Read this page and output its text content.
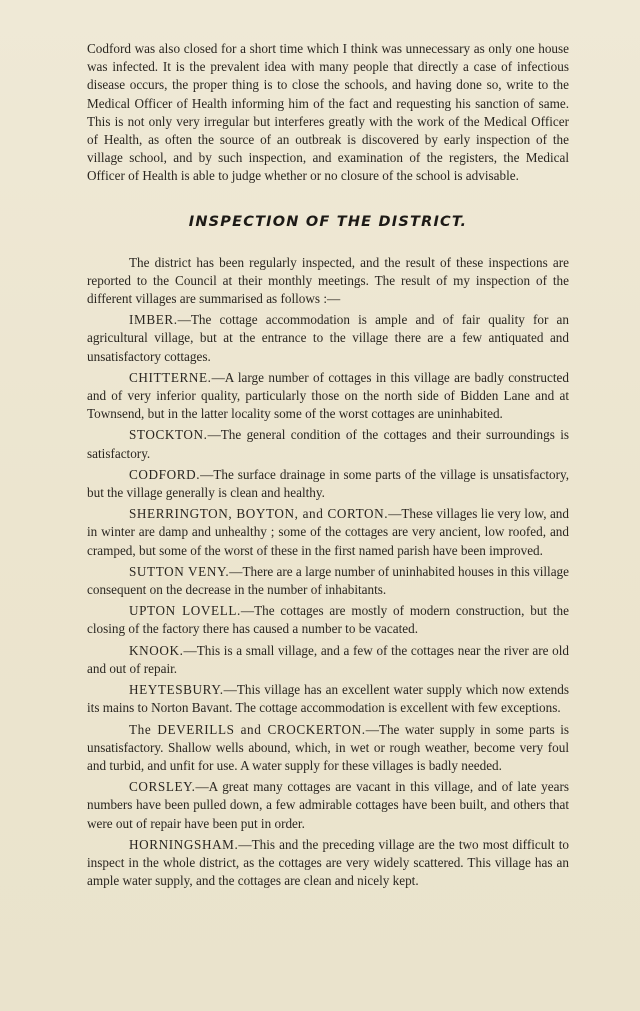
Codford was also closed for a short time which I think was unnecessary as only one house was infected. It is the prevalent idea with many people that directly a case of infectious disease occurs, the proper thing is to close the schools, and having done so, write to the Medical Officer of Health informing him of the fact and requesting his sanction of same. This is not only very irregular but interferes greatly with the work of the Medical Officer of Health, as often the source of an outbreak is discovered by early inspection of the village school, and by such inspection, and examination of the registers, the Medical Officer of Health is able to judge whether or no closure of the school is advisable.

INSPECTION OF THE DISTRICT.

The district has been regularly inspected, and the result of these inspections are reported to the Council at their monthly meetings. The result of my inspection of the different villages are summarised as follows :—

IMBER.—The cottage accommodation is ample and of fair quality for an agricultural village, but at the entrance to the village there are a few antiquated and unsatisfactory cottages.

CHITTERNE.—A large number of cottages in this village are badly constructed and of very inferior quality, particularly those on the north side of Bidden Lane and at Townsend, but in the latter locality some of the worst cottages are uninhabited.

STOCKTON.—The general condition of the cottages and their surroundings is satisfactory.

CODFORD.—The surface drainage in some parts of the village is unsatisfactory, but the village generally is clean and healthy.

SHERRINGTON, BOYTON, and CORTON.—These villages lie very low, and in winter are damp and unhealthy ; some of the cottages are very ancient, low roofed, and cramped, but some of the worst of these in the first named parish have been improved.

SUTTON VENY.—There are a large number of uninhabited houses in this village consequent on the decrease in the number of inhabitants.

UPTON LOVELL.—The cottages are mostly of modern construction, but the closing of the factory there has caused a number to be vacated.

KNOOK.—This is a small village, and a few of the cottages near the river are old and out of repair.

HEYTESBURY.—This village has an excellent water supply which now extends its mains to Norton Bavant. The cottage accommodation is excellent with few exceptions.

The DEVERILLS and CROCKERTON.—The water supply in some parts is unsatisfactory. Shallow wells abound, which, in wet or rough weather, become very foul and turbid, and unfit for use. A water supply for these villages is badly needed.

CORSLEY.—A great many cottages are vacant in this village, and of late years numbers have been pulled down, a few admirable cottages have been built, and others that were out of repair have been put in order.

HORNINGSHAM.—This and the preceding village are the two most difficult to inspect in the whole district, as the cottages are very widely scattered. This village has an ample water supply, and the cottages are clean and nicely kept.
